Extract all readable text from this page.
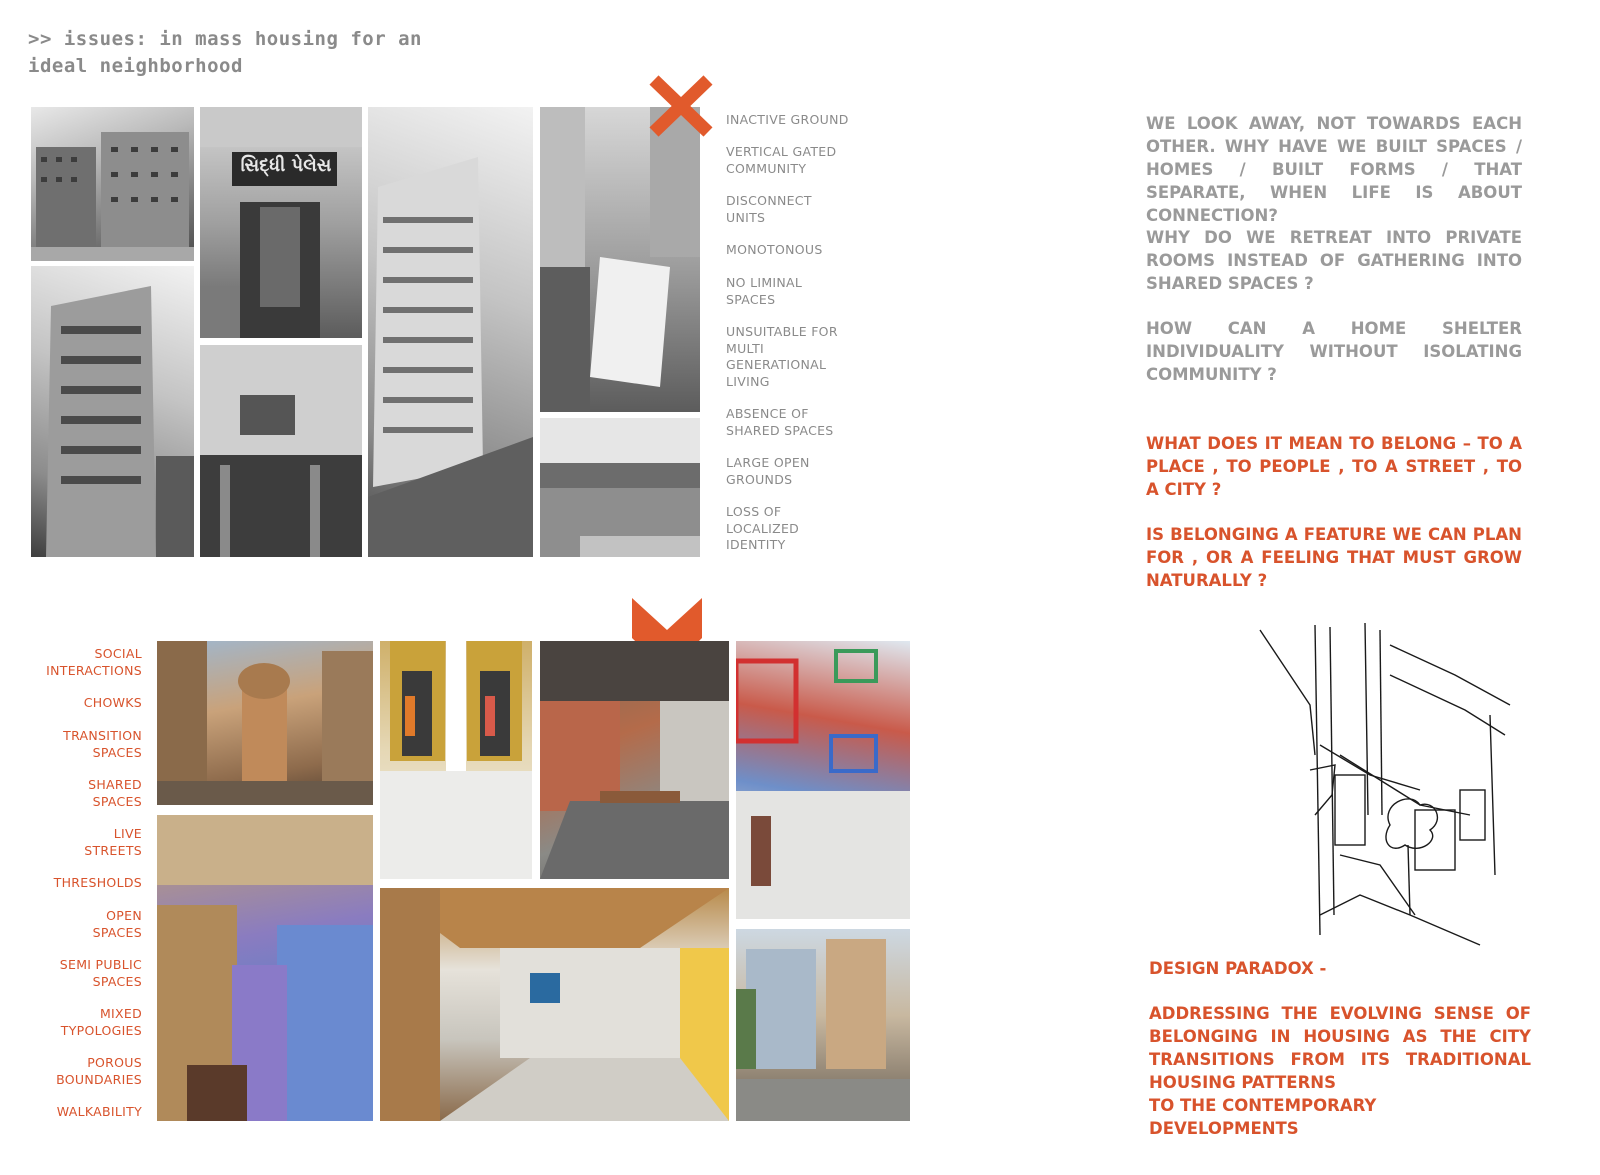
>> issues: in mass housing for an
ideal neighborhood
સિદ્ધી પેલેસ
INACTIVE GROUND
VERTICAL GATED COMMUNITY
DISCONNECT UNITS
MONOTONOUS
NO LIMINAL SPACES
UNSUITABLE FOR MULTI GENERATIONAL LIVING
ABSENCE OF SHARED SPACES
LARGE OPEN GROUNDS
LOSS OF LOCALIZED IDENTITY
WE LOOK AWAY, NOT TOWARDS EACH OTHER. WHY HAVE WE BUILT SPACES / HOMES / BUILT FORMS / THAT SEPARATE, WHEN LIFE IS ABOUT CONNECTION?
WHY DO WE RETREAT INTO PRIVATE ROOMS INSTEAD OF GATHERING INTO SHARED SPACES ?
HOW CAN A HOME SHELTER INDIVIDUALITY WITHOUT ISOLATING COMMUNITY ?
WHAT DOES IT MEAN TO BELONG – TO A PLACE , TO PEOPLE , TO A STREET , TO A CITY ?
IS BELONGING A FEATURE WE CAN PLAN FOR , OR A FEELING THAT MUST GROW NATURALLY ?
SOCIAL INTERACTIONS
CHOWKS
TRANSITION SPACES
SHARED SPACES
LIVE STREETS
THRESHOLDS
OPEN SPACES
SEMI PUBLIC SPACES
MIXED TYPOLOGIES
POROUS BOUNDARIES
WALKABILITY
DESIGN PARADOX -
ADDRESSING THE EVOLVING SENSE OF BELONGING IN HOUSING AS THE CITY TRANSITIONS FROM ITS TRADITIONAL HOUSING PATTERNS
TO THE CONTEMPORARY DEVELOPMENTS
